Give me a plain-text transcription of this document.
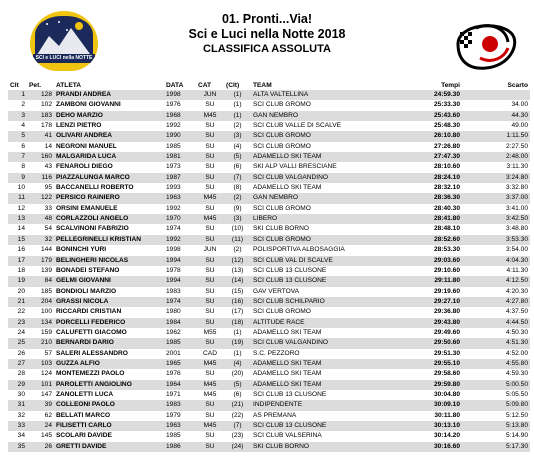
SCI e LUCI nella NOTTE
01. Pronti...Via!
Sci e Luci nella Notte 2018
CLASSIFICA ASSOLUTA
Clt	Pet.	ATLETA	DATA	CAT	(Clt)	TEAM	Tempi	Scarto
1	128	PRANDI ANDREA	1998	JUN	(1)	ALTA VALTELLINA	24:59.30	
2	102	ZAMBONI GIOVANNI	1976	SU	(1)	SCI CLUB GROMO	25:33.30	34.00
3	183	DEHO MARZIO	1968	M45	(1)	GAN NEMBRO	25:43.60	44.30
4	178	LENZI PIETRO	1992	SU	(2)	SCI CLUB VALLE DI SCALVE	25:48.30	49.00
5	41	OLIVARI ANDREA	1990	SU	(3)	SCI CLUB GROMO	26:10.80	1:11.50
6	14	NEGRONI MANUEL	1985	SU	(4)	SCI CLUB GROMO	27:26.80	2:27.50
7	160	MALGARIDA LUCA	1981	SU	(5)	ADAMELLO SKI TEAM	27:47.30	2:48.00
8	43	FENAROLI DIEGO	1973	SU	(6)	SKI ALP VALLI BRESCIANE	28:10.60	3:11.30
9	116	PIAZZALUNGA MARCO	1987	SU	(7)	SCI CLUB VALGANDINO	28:24.10	3:24.80
10	95	BACCANELLI ROBERTO	1993	SU	(8)	ADAMELLO SKI TEAM	28:32.10	3:32.80
11	122	PERSICO RAINIERO	1963	M45	(2)	GAN NEMBRO	28:36.30	3:37.00
12	33	ORSINI EMANUELE	1992	SU	(9)	SCI CLUB GROMO	28:40.30	3:41.00
13	48	CORLAZZOLI ANGELO	1970	M45	(3)	LIBERO	28:41.80	3:42.50
14	54	SCALVINONI FABRIZIO	1974	SU	(10)	SKI CLUB BORNO	28:48.10	3:48.80
15	32	PELLEGRINELLI KRISTIAN	1992	SU	(11)	SCI CLUB GROMO	28:52.60	3:53.30
16	144	BONINCHI YURI	1998	JUN	(2)	POLISPORTIVA ALBOSAGGIA	28:53.30	3:54.00
17	179	BELINGHERI NICOLAS	1994	SU	(12)	SCI CLUB VAL DI SCALVE	29:03.60	4:04.30
18	139	BONADEI STEFANO	1978	SU	(13)	SCI CLUB 13 CLUSONE	29:10.60	4:11.30
19	84	GELMI GIOVANNI	1994	SU	(14)	SCI CLUB 13 CLUSONE	29:11.80	4:12.50
20	185	BONDIOLI MARZIO	1983	SU	(15)	GAV VERTOVA	29:19.60	4:20.30
21	204	GRASSI NICOLA	1974	SU	(16)	SCI CLUB SCHILPARIO	29:27.10	4:27.80
22	100	RICCARDI CRISTIAN	1980	SU	(17)	SCI CLUB GROMO	29:36.80	4:37.50
23	134	PORCELLI FEDERICO	1984	SU	(18)	ALTITUDE RACE	29:43.80	4:44.50
24	159	CALUFETTI GIACOMO	1962	M55	(1)	ADAMELLO SKI TEAM	29:49.60	4:50.30
25	210	BERNARDI DARIO	1985	SU	(19)	SCI CLUB VALGANDINO	29:50.60	4:51.30
26	57	SALERI ALESSANDRO	2001	CAD	(1)	S.C. PEZZORO	29:51.30	4:52.00
27	103	GUZZA ALFIO	1965	M45	(4)	ADAMELLO SKI TEAM	29:55.10	4:55.80
28	124	MONTEMEZZI PAOLO	1976	SU	(20)	ADAMELLO SKI TEAM	29:58.60	4:59.30
29	101	PAROLETTI ANGIOLINO	1964	M45	(5)	ADAMELLO SKI TEAM	29:59.80	5:00.50
30	147	ZANOLETTI LUCA	1971	M45	(6)	SCI CLUB 13 CLUSONE	30:04.80	5:05.50
31	39	COLLEONI PAOLO	1983	SU	(21)	INDIPENDENTE	30:09.10	5:09.80
32	62	BELLATI MARCO	1979	SU	(22)	AS PREMANA	30:11.80	5:12.50
33	24	FILISETTI CARLO	1963	M45	(7)	SCI CLUB 13 CLUSONE	30:13.10	5:13.80
34	145	SCOLARI DAVIDE	1985	SU	(23)	SCI CLUB VALSERINA	30:14.20	5:14.90
35	26	GRETTI DAVIDE	1986	SU	(24)	SKI CLUB BORNO	30:16.60	5:17.30
